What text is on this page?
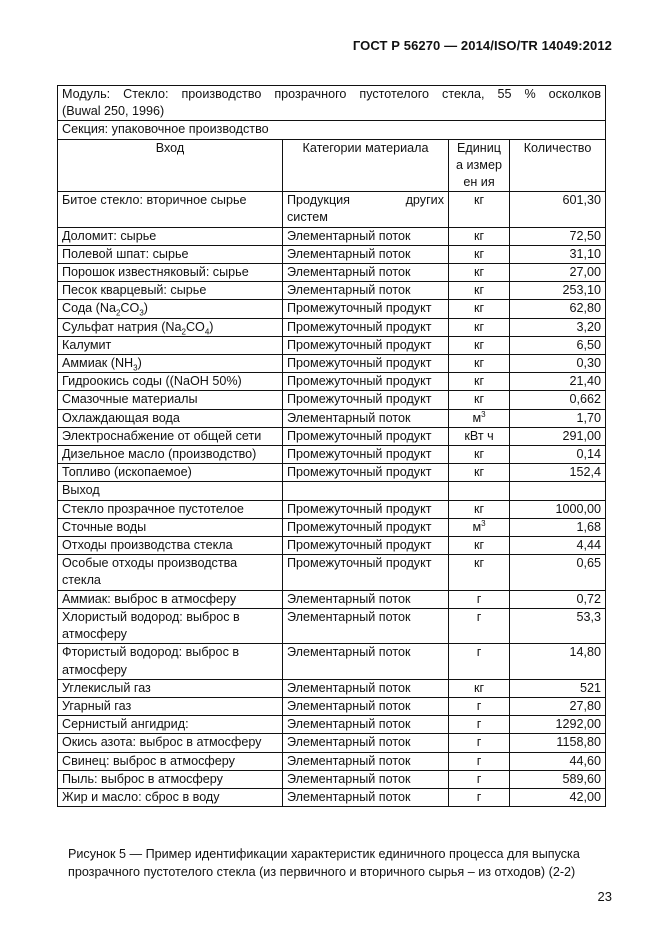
ГОСТ Р 56270 — 2014/ISO/TR 14049:2012
Модуль: Стекло: производство прозрачного пустотелого стекла, 55 % осколков
(Buwal 250, 1996)			

Секция: упаковочное производство			
Вход	Категории материала	Единица измерен ия	Количество
Битое стекло: вторичное сырье	Продукция других
систем	кг	601,30
Доломит: сырье	Элементарный поток	кг	72,50
Полевой шпат: сырье	Элементарный поток	кг	31,10
Порошок известняковый: сырье	Элементарный поток	кг	27,00
Песок кварцевый: сырье	Элементарный поток	кг	253,10
Сода $(Na_2CO_3)$	Промежуточный продукт	кг	62,80
Сульфат натрия $(Na_2CO_4)$	Промежуточный продукт	кг	3,20
Калумит	Промежуточный продукт	кг	6,50
Аммиак $(NH_3)$	Промежуточный продукт	кг	0,30
Гидроокись соды ((NaOH 50%)	Промежуточный продукт	кг	21,40
Смазочные материалы	Промежуточный продукт	кг	0,662
Охлаждающая вода	Элементарный поток	$м^3$	1,70
Электроснабжение от общей сети	Промежуточный продукт	кВт ч	291,00
Дизельное масло (производство)	Промежуточный продукт	кг	0,14
Топливо (ископаемое)	Промежуточный продукт	кг	152,4
Выход			
Стекло прозрачное пустотелое	Промежуточный продукт	кг	1000,00
Сточные воды	Промежуточный продукт	$м^3$	1,68
Отходы производства стекла	Промежуточный продукт	кг	4,44
Особые отходы производства стекла	Промежуточный продукт	кг	0,65
Аммиак: выброс в атмосферу	Элементарный поток	г	0,72
Хлористый водород: выброс в атмосферу	Элементарный поток	г	53,3
Фтористый водород: выброс в атмосферу	Элементарный поток	г	14,80
Углекислый газ	Элементарный поток	кг	521
Угарный газ	Элементарный поток	г	27,80
Сернистый ангидрид:	Элементарный поток	г	1292,00
Окись азота: выброс в атмосферу	Элементарный поток	г	1158,80
Свинец: выброс в атмосферу	Элементарный поток	г	44,60
Пыль: выброс в атмосферу	Элементарный поток	г	589,60
Жир и масло: сброс в воду	Элементарный поток	г	42,00
Рисунок 5 — Пример идентификации характеристик единичного процесса для выпуска
прозрачного пустотелого стекла (из первичного и вторичного сырья – из отходов) (2-2)
23
